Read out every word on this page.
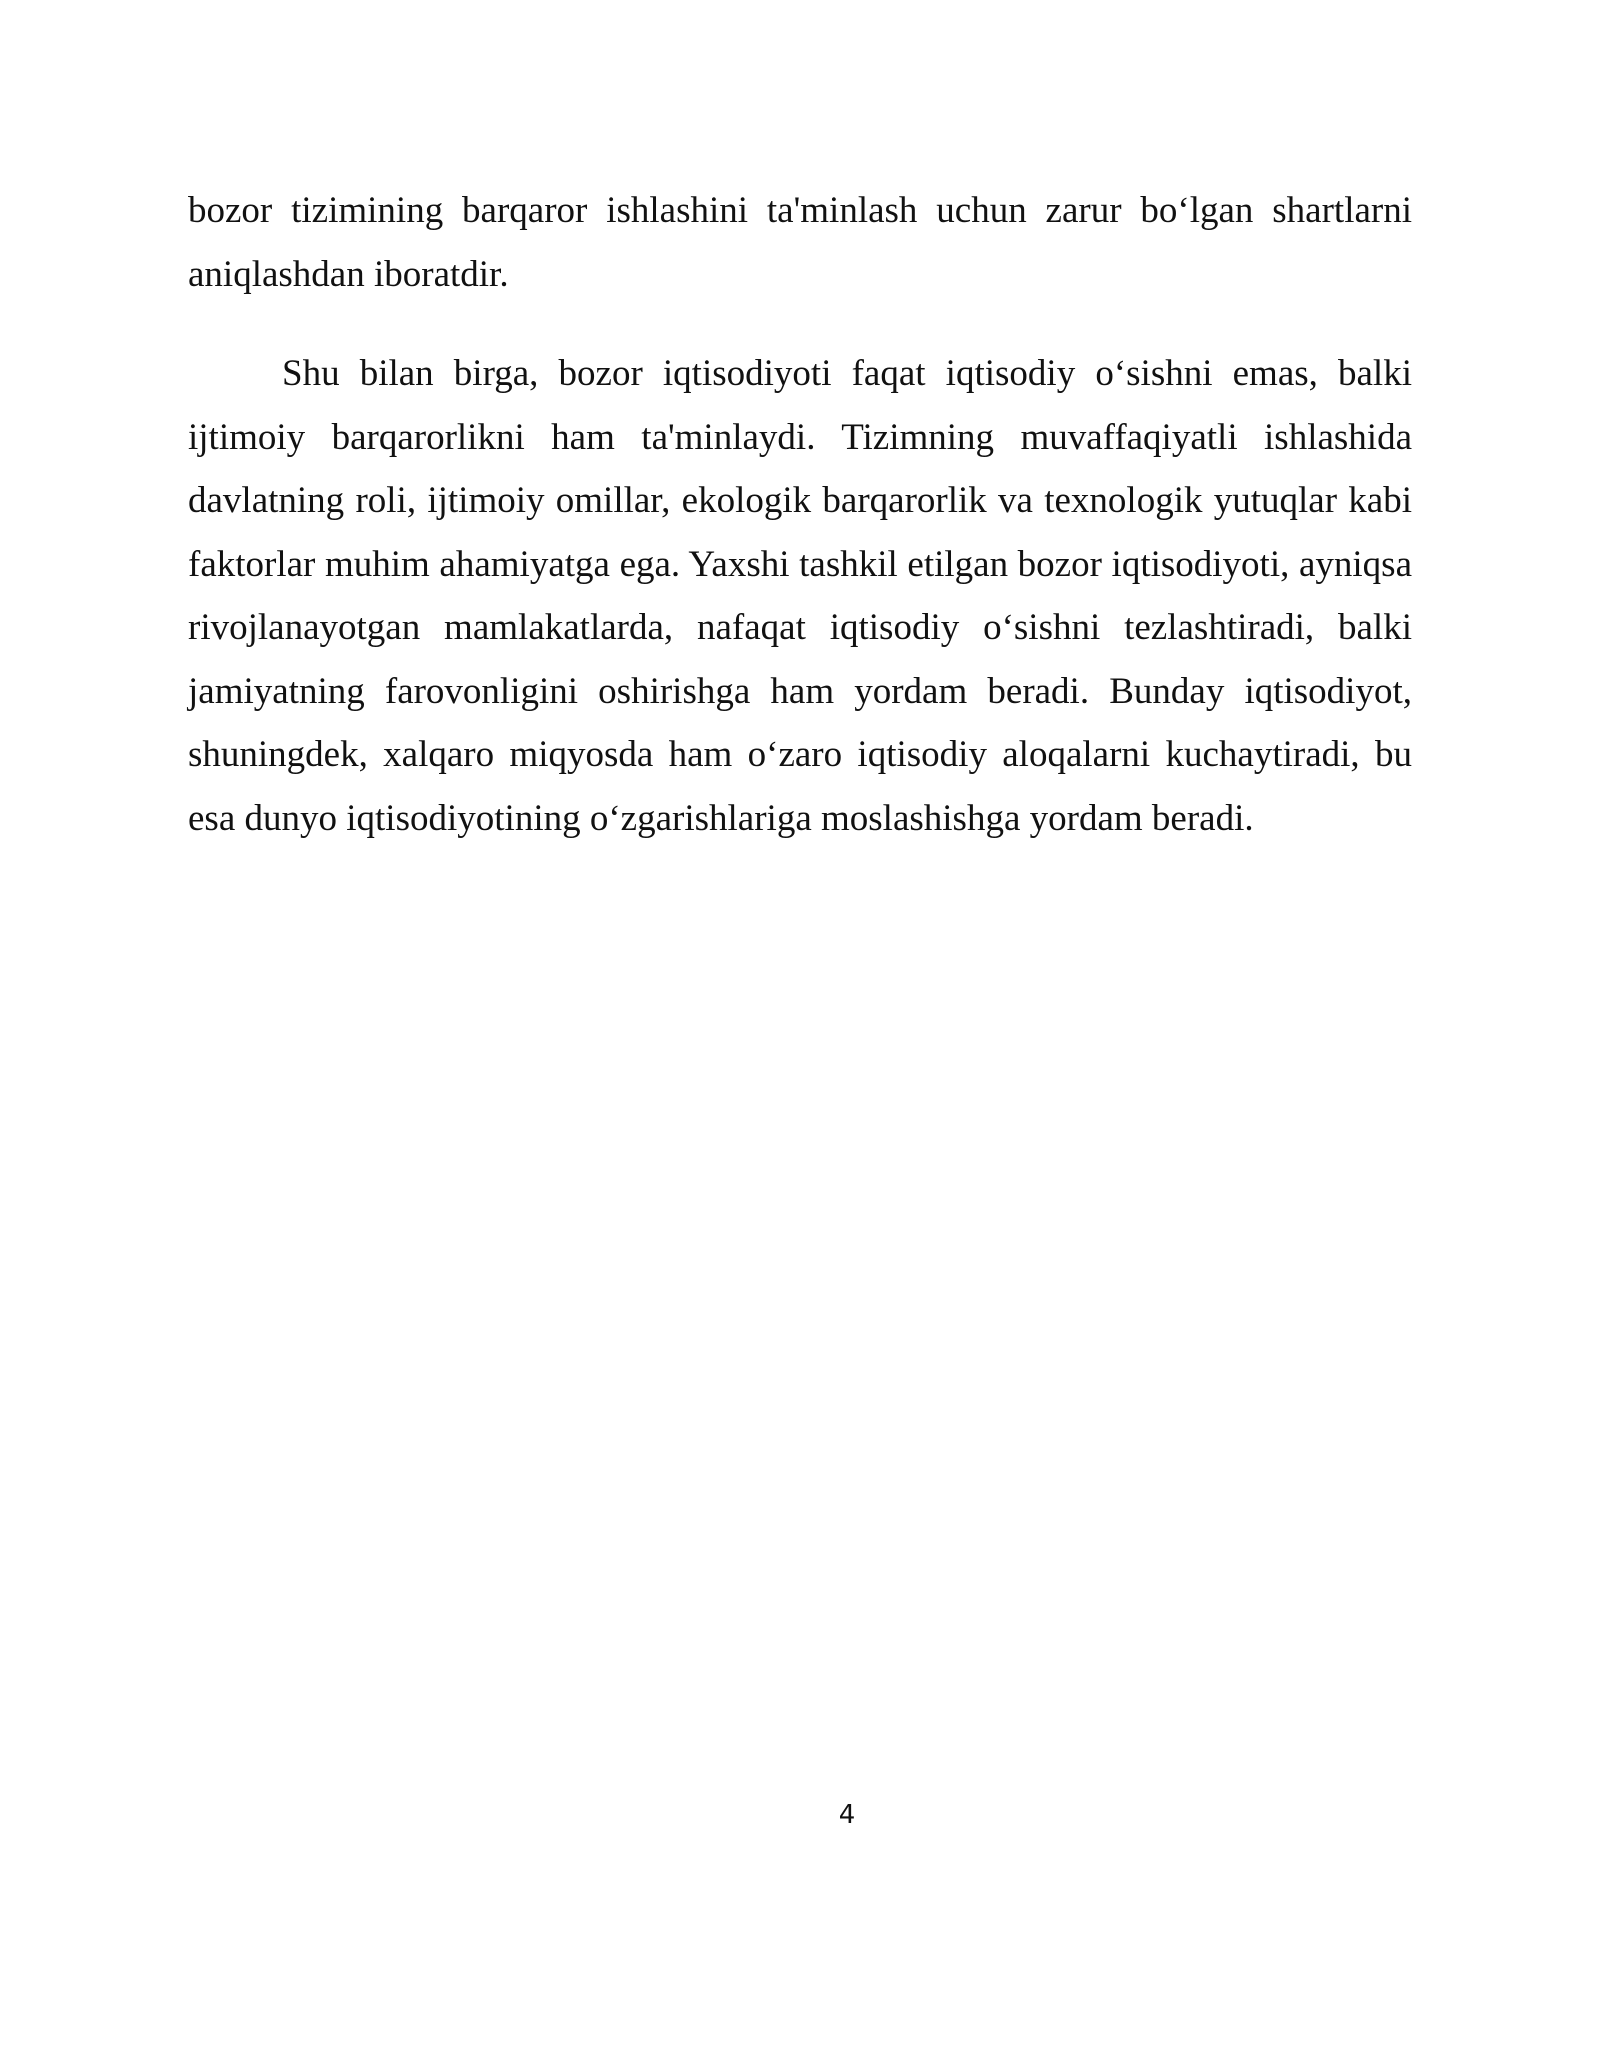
bozor tizimining barqaror ishlashini ta'minlash uchun zarur bo‘lgan shartlarni aniqlashdan iboratdir.

Shu bilan birga, bozor iqtisodiyoti faqat iqtisodiy o‘sishni emas, balki ijtimoiy barqarorlikni ham ta'minlaydi. Tizimning muvaffaqiyatli ishlashida davlatning roli, ijtimoiy omillar, ekologik barqarorlik va texnologik yutuqlar kabi faktorlar muhim ahamiyatga ega. Yaxshi tashkil etilgan bozor iqtisodiyoti, ayniqsa rivojlanayotgan mamlakatlarda, nafaqat iqtisodiy o‘sishni tezlashtiradi, balki jamiyatning farovonligini oshirishga ham yordam beradi. Bunday iqtisodiyot, shuningdek, xalqaro miqyosda ham o‘zaro iqtisodiy aloqalarni kuchaytiradi, bu esa dunyo iqtisodiyotining o‘zgarishlariga moslashishga yordam beradi.

4
